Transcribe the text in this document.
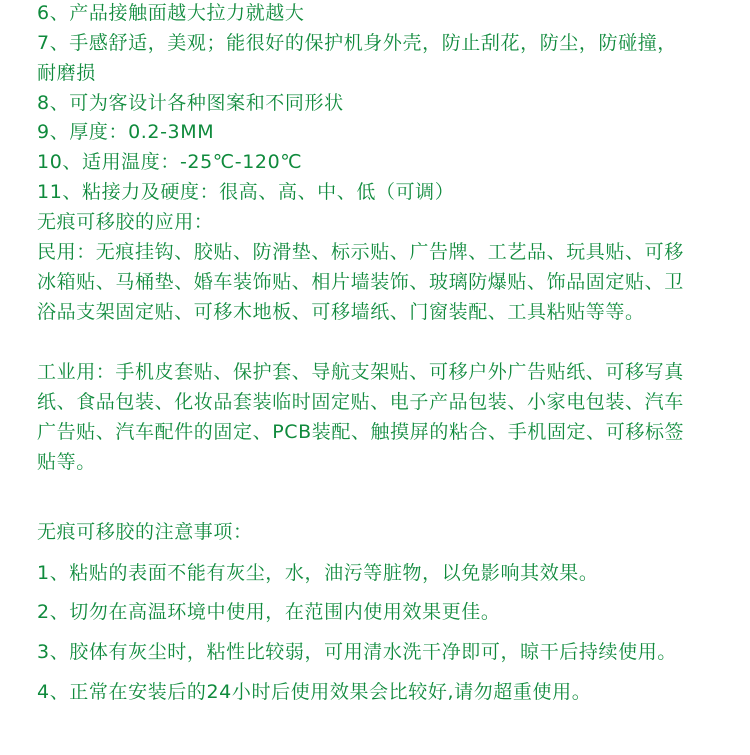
6、产品接触面越大拉力就越大
7、手感舒适，美观；能很好的保护机身外壳，防止刮花，防尘，防碰撞，
耐磨损
8、可为客设计各种图案和不同形状
9、厚度：0.2-3MM
10、适用温度：-25℃-120℃
11、粘接力及硬度：很高、高、中、低（可调）
无痕可移胶的应用：
民用：无痕挂钩、胶贴、防滑垫、标示贴、广告牌、工艺品、玩具贴、可移
冰箱贴、马桶垫、婚车装饰贴、相片墙装饰、玻璃防爆贴、饰品固定贴、卫
浴品支架固定贴、可移木地板、可移墙纸、门窗装配、工具粘贴等等。
工业用：手机皮套贴、保护套、导航支架贴、可移户外广告贴纸、可移写真
纸、食品包装、化妆品套装临时固定贴、电子产品包装、小家电包装、汽车
广告贴、汽车配件的固定、PCB装配、触摸屏的粘合、手机固定、可移标签
贴等。
无痕可移胶的注意事项：
1、粘贴的表面不能有灰尘，水，油污等脏物，以免影响其效果。
2、切勿在高温环境中使用，在范围内使用效果更佳。
3、胶体有灰尘时，粘性比较弱，可用清水洗干净即可，晾干后持续使用。
4、正常在安装后的24小时后使用效果会比较好,请勿超重使用。
